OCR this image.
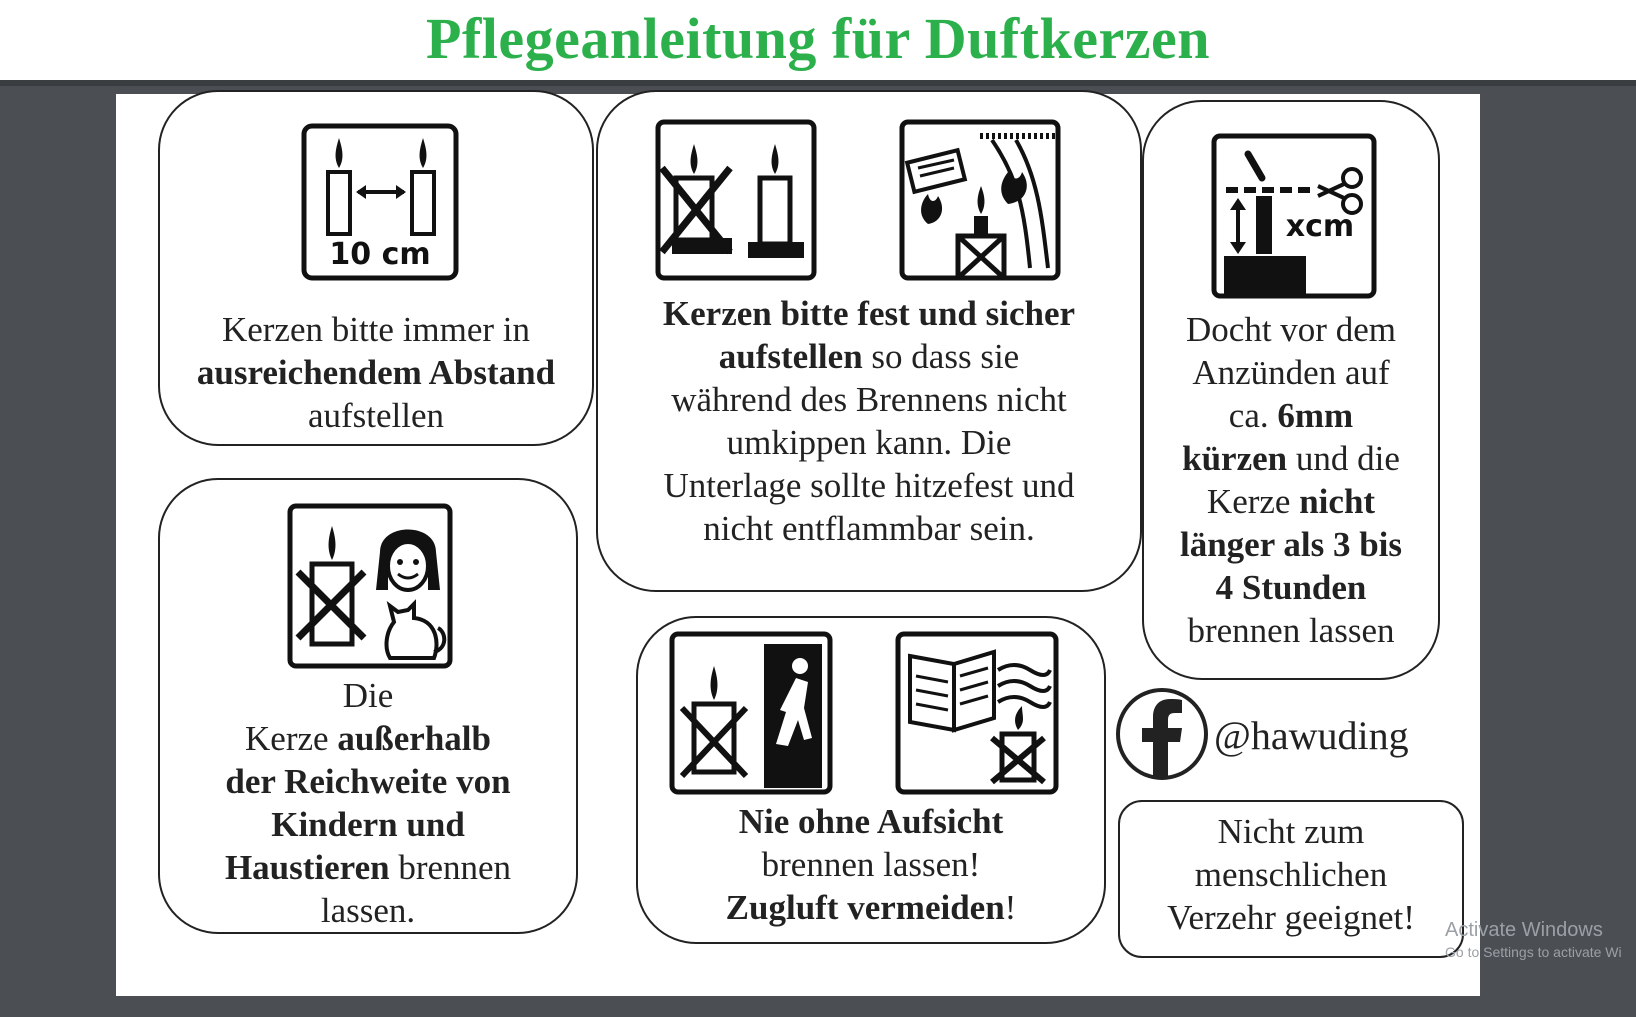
Pflegeanleitung für Duftkerzen
10 cm
Kerzen bitte immer in
ausreichendem Abstand
aufstellen
Kerzen bitte fest und sicher
aufstellen so dass sie
während des Brennens nicht
umkippen kann. Die
Unterlage sollte hitzefest und
nicht entflammbar sein.
xcm
Docht vor dem
Anzünden auf
ca. 6mm
kürzen und die
Kerze nicht
länger als 3 bis
4 Stunden
brennen lassen
Die
Kerze außerhalb
der Reichweite von
Kindern und
Haustieren brennen
lassen.
Nie ohne Aufsicht
brennen lassen!
Zugluft vermeiden!
@hawuding
Nicht zum
menschlichen
Verzehr geeignet!	Activate Windows
Go to Settings to activate Wi
